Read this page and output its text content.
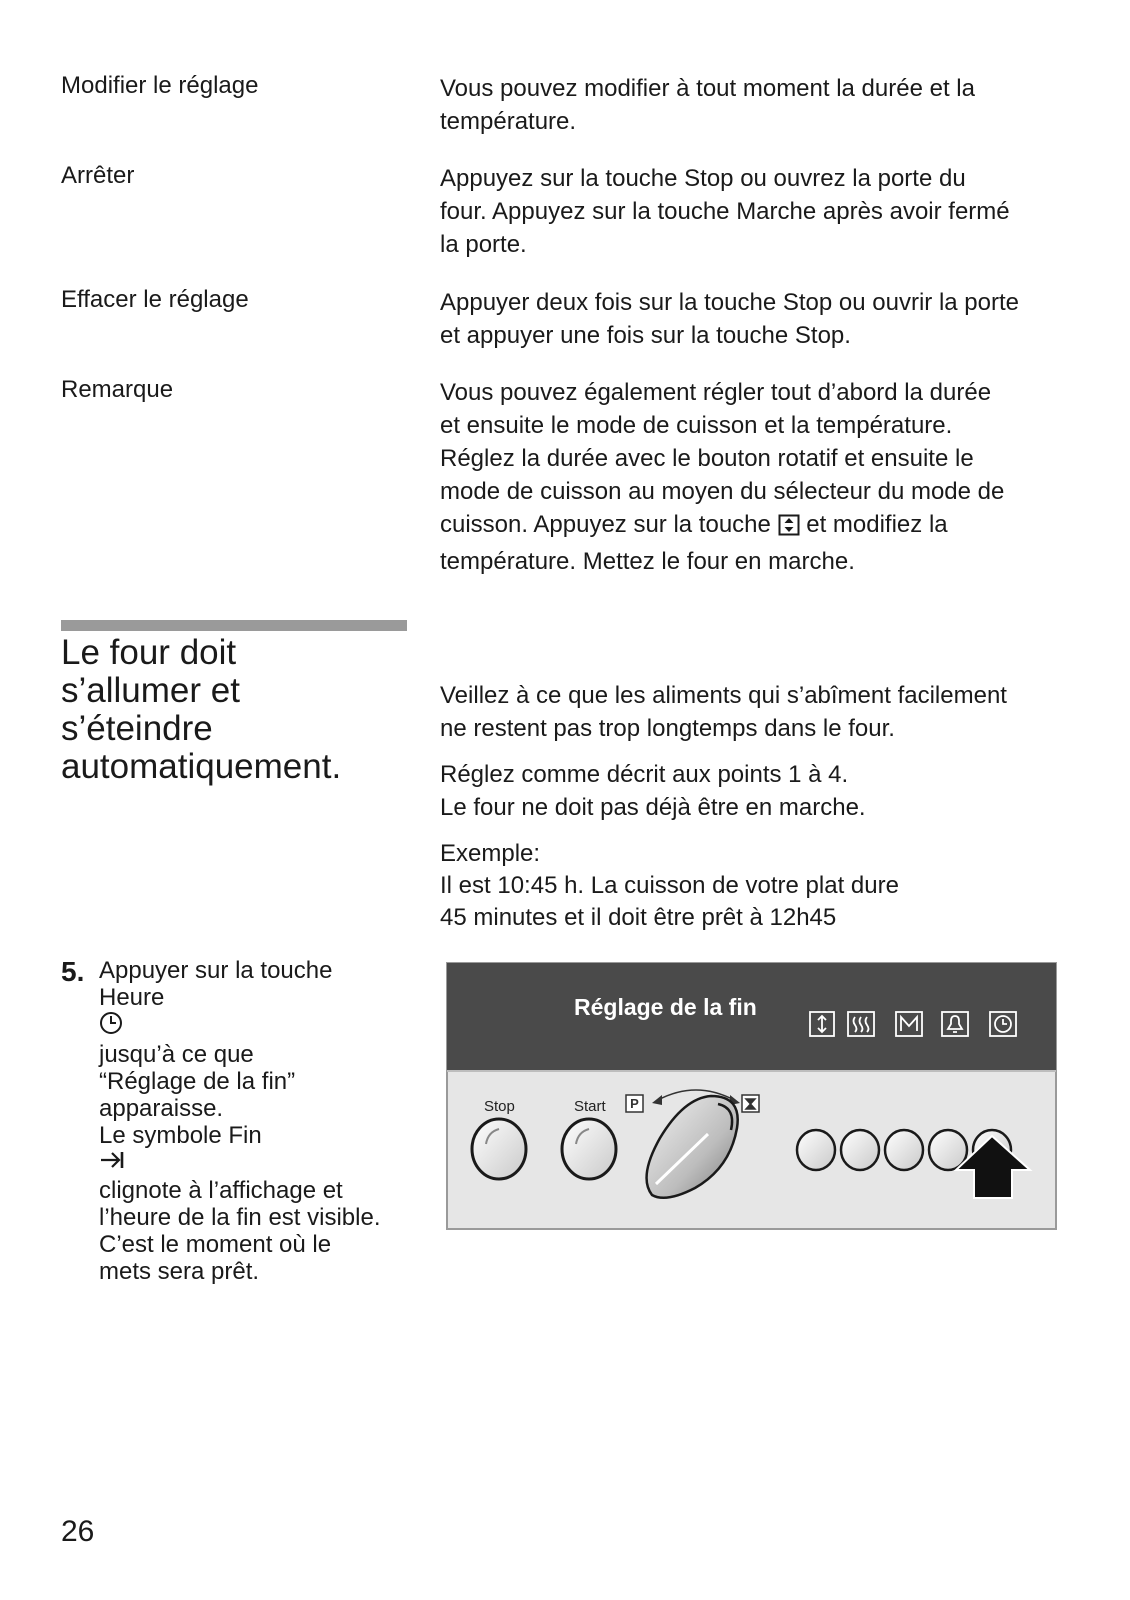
Modifier le réglage	Vous pouvez modifier à tout moment la durée et la

température.

Arrêter	Appuyez sur la touche Stop ou ouvrez la porte du

four. Appuyez sur la touche Marche après avoir fermé

la porte.

Effacer le réglage	Appuyer deux fois sur la touche Stop ou ouvrir la porte

et appuyer une fois sur la touche Stop.

Remarque	Vous pouvez également régler tout d’abord la durée

et ensuite le mode de cuisson et la température.

Réglez la durée avec le bouton rotatif et ensuite le

mode de cuisson au moyen du sélecteur du mode de

cuisson. Appuyez sur la touche et modifiez la

température. Mettez le four en marche.

Le four doit
s’allumer et
s’éteindre
automatiquement.

Veillez à ce que les aliments qui s’abîment facilement

ne restent pas trop longtemps dans le four.

Réglez comme décrit aux points 1 à 4.

Le four ne doit pas déjà être en marche.

Exemple:

Il est 10:45 h. La cuisson de votre plat dure

45 minutes et il doit être prêt à 12h45

5. Appuyer sur la touche
Heure
jusqu’à ce que
“Réglage de la fin”
apparaisse.
Le symbole Fin
clignote à l’affichage et
l’heure de la fin est visible.
C’est le moment où le
mets sera prêt.
P
Réglage de la fin
Stop	Start
26
